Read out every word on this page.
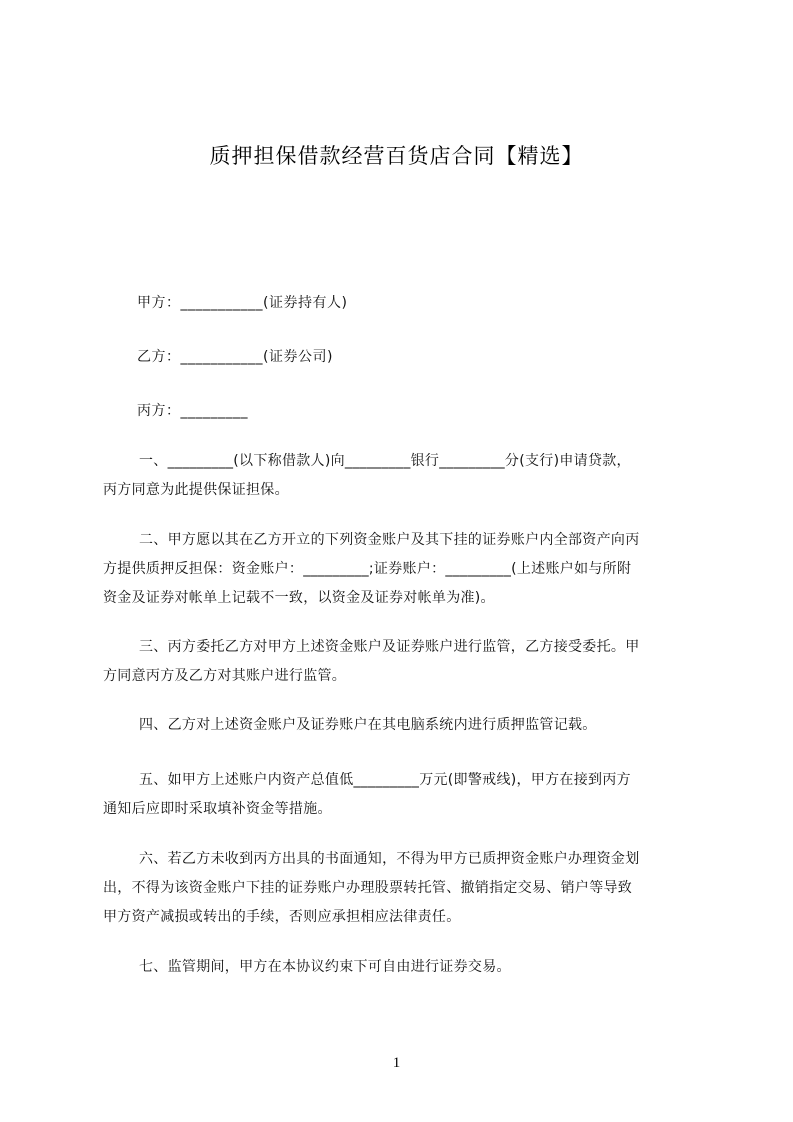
质押担保借款经营百货店合同【精选】
甲方：___________(证券持有人)
乙方：___________(证券公司)
丙方：_________
一、_________(以下称借款人)向_________银行_________分(支行)申请贷款，
丙方同意为此提供保证担保。
二、甲方愿以其在乙方开立的下列资金账户及其下挂的证券账户内全部资产向丙
方提供质押反担保：资金账户：_________;证券账户：_________(上述账户如与所附
资金及证券对帐单上记载不一致，以资金及证券对帐单为准)。
三、丙方委托乙方对甲方上述资金账户及证券账户进行监管，乙方接受委托。甲
方同意丙方及乙方对其账户进行监管。
四、乙方对上述资金账户及证券账户在其电脑系统内进行质押监管记载。
五、如甲方上述账户内资产总值低_________万元(即警戒线)，甲方在接到丙方
通知后应即时采取填补资金等措施。
六、若乙方未收到丙方出具的书面通知，不得为甲方已质押资金账户办理资金划
出，不得为该资金账户下挂的证券账户办理股票转托管、撤销指定交易、销户等导致
甲方资产减损或转出的手续，否则应承担相应法律责任。
七、监管期间，甲方在本协议约束下可自由进行证券交易。
1
